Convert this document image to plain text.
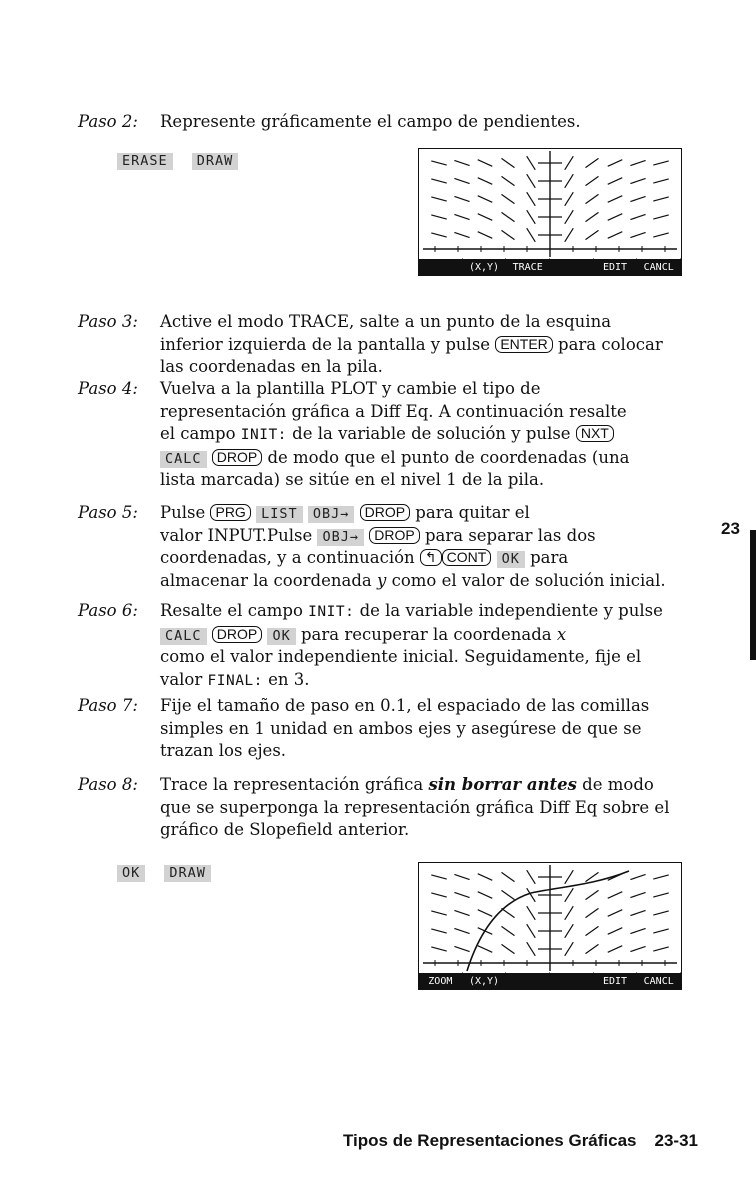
Paso 2: Represente gráficamente el campo de pendientes.
ERASE DRAW
(X,Y)	TRACE	EDIT	CANCL
Paso 3: Active el modo TRACE, salte a un punto de la esquina
inferior izquierda de la pantalla y pulse ENTER para colocar
las coordenadas en la pila.
Paso 4: Vuelva a la plantilla PLOT y cambie el tipo de
representación gráfica a Diff Eq. A continuación resalte
el campo INIT: de la variable de solución y pulse NXT
CALC DROP de modo que el punto de coordenadas (una
lista marcada) se sitúe en el nivel 1 de la pila.
Paso 5: Pulse PRG LIST OBJ→ DROP para quitar el
valor INPUT.Pulse OBJ→ DROP para separar las dos
coordenadas, y a continuación ↰ CONT OK para
almacenar la coordenada y como el valor de solución inicial.
Paso 6: Resalte el campo INIT: de la variable independiente y pulse
CALC DROP OK para recuperar la coordenada x
como el valor independiente inicial. Seguidamente, fije el
valor FINAL: en 3.
Paso 7: Fije el tamaño de paso en 0.1, el espaciado de las comillas
simples en 1 unidad en ambos ejes y asegúrese de que se
trazan los ejes.
Paso 8: Trace la representación gráfica sin borrar antes de modo
que se superponga la representación gráfica Diff Eq sobre el
gráfico de Slopefield anterior.
OK DRAW
ZOOM	(X,Y)	EDIT	CANCL
23
Tipos de Representaciones Gráficas 23-31
